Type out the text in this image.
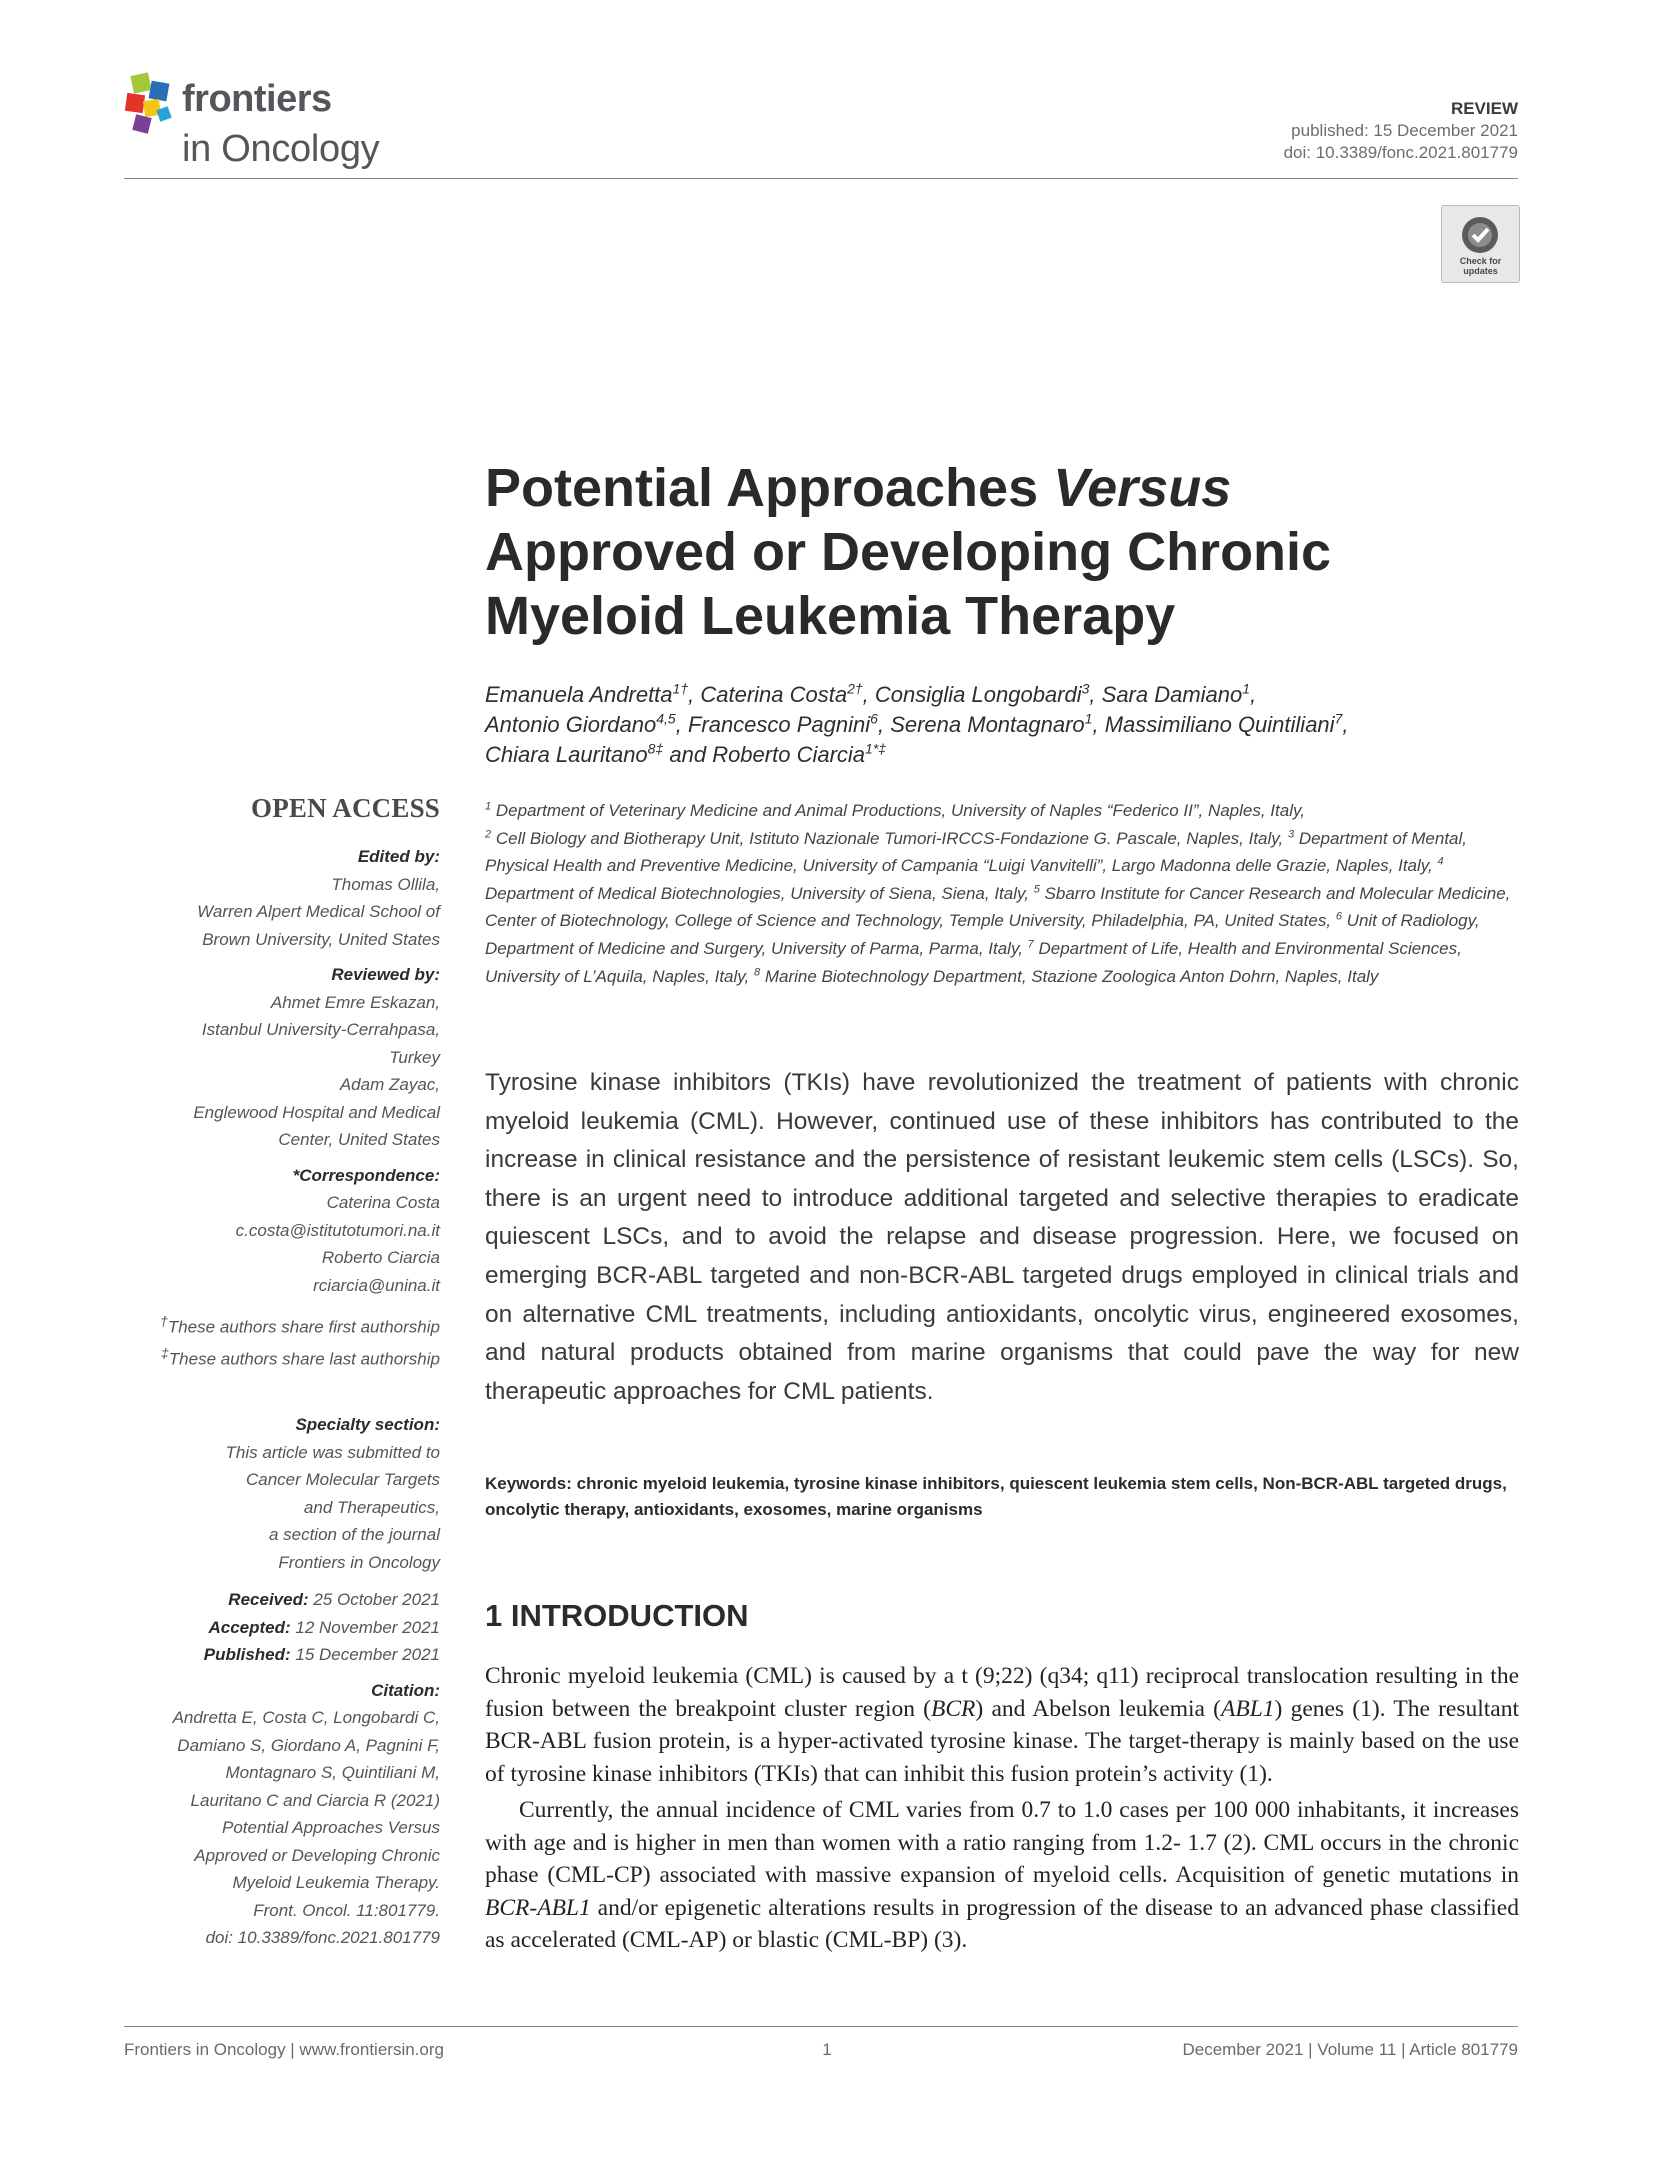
frontiers
in Oncology
REVIEW
published: 15 December 2021
doi: 10.3389/fonc.2021.801779
Check for
updates
Potential Approaches Versus
Approved or Developing Chronic
Myeloid Leukemia Therapy
Emanuela Andretta$^{1\dagger}$, Caterina Costa$^{2\dagger}$, Consiglia Longobardi$^3$, Sara Damiano$^1$,
Antonio Giordano$^{4,5}$, Francesco Pagnini$^6$, Serena Montagnaro$^1$, Massimiliano Quintiliani$^7$,
Chiara Lauritano$^{8\ddagger}$ and Roberto Ciarcia$^{1*\ddagger}$
OPEN ACCESS
Edited by:
Thomas Ollila,
Warren Alpert Medical School of
Brown University, United States
Reviewed by:
Ahmet Emre Eskazan,
Istanbul University-Cerrahpasa,
Turkey
Adam Zayac,
Englewood Hospital and Medical
Center, United States
*Correspondence:
Caterina Costa
c.costa@istitutotumori.na.it
Roberto Ciarcia
rciarcia@unina.it
†These authors share first authorship
‡These authors share last authorship
Specialty section:
This article was submitted to
Cancer Molecular Targets
and Therapeutics,
a section of the journal
Frontiers in Oncology
Received: 25 October 2021
Accepted: 12 November 2021
Published: 15 December 2021
Citation:
Andretta E, Costa C, Longobardi C,
Damiano S, Giordano A, Pagnini F,
Montagnaro S, Quintiliani M,
Lauritano C and Ciarcia R (2021)
Potential Approaches Versus
Approved or Developing Chronic
Myeloid Leukemia Therapy.
Front. Oncol. 11:801779.
doi: 10.3389/fonc.2021.801779
$^1$ Department of Veterinary Medicine and Animal Productions, University of Naples “Federico II”, Naples, Italy,
$^2$ Cell Biology and Biotherapy Unit, Istituto Nazionale Tumori-IRCCS-Fondazione G. Pascale, Naples, Italy, $^3$ Department of Mental, Physical Health and Preventive Medicine, University of Campania “Luigi Vanvitelli”, Largo Madonna delle Grazie, Naples, Italy, $^4$ Department of Medical Biotechnologies, University of Siena, Siena, Italy, $^5$ Sbarro Institute for Cancer Research and Molecular Medicine, Center of Biotechnology, College of Science and Technology, Temple University, Philadelphia, PA, United States, $^6$ Unit of Radiology, Department of Medicine and Surgery, University of Parma, Parma, Italy, $^7$ Department of Life, Health and Environmental Sciences, University of L’Aquila, Naples, Italy, $^8$ Marine Biotechnology Department, Stazione Zoologica Anton Dohrn, Naples, Italy

Tyrosine kinase inhibitors (TKIs) have revolutionized the treatment of patients with chronic myeloid leukemia (CML). However, continued use of these inhibitors has contributed to the increase in clinical resistance and the persistence of resistant leukemic stem cells (LSCs). So, there is an urgent need to introduce additional targeted and selective therapies to eradicate quiescent LSCs, and to avoid the relapse and disease progression. Here, we focused on emerging BCR-ABL targeted and non-BCR-ABL targeted drugs employed in clinical trials and on alternative CML treatments, including antioxidants, oncolytic virus, engineered exosomes, and natural products obtained from marine organisms that could pave the way for new therapeutic approaches for CML patients.

Keywords: chronic myeloid leukemia, tyrosine kinase inhibitors, quiescent leukemia stem cells, Non-BCR-ABL targeted drugs, oncolytic therapy, antioxidants, exosomes, marine organisms
1 INTRODUCTION

Chronic myeloid leukemia (CML) is caused by a t (9;22) (q34; q11) reciprocal translocation resulting in the fusion between the breakpoint cluster region (BCR) and Abelson leukemia (ABL1) genes (1). The resultant BCR-ABL fusion protein, is a hyper-activated tyrosine kinase. The target-therapy is mainly based on the use of tyrosine kinase inhibitors (TKIs) that can inhibit this fusion protein’s activity (1).

Currently, the annual incidence of CML varies from 0.7 to 1.0 cases per 100 000 inhabitants, it increases with age and is higher in men than women with a ratio ranging from 1.2- 1.7 (2). CML occurs in the chronic phase (CML-CP) associated with massive expansion of myeloid cells. Acquisition of genetic mutations in BCR-ABL1 and/or epigenetic alterations results in progression of the disease to an advanced phase classified as accelerated (CML-AP) or blastic (CML-BP) (3).

Frontiers in Oncology | www.frontiersin.org	1	December 2021 | Volume 11 | Article 801779
